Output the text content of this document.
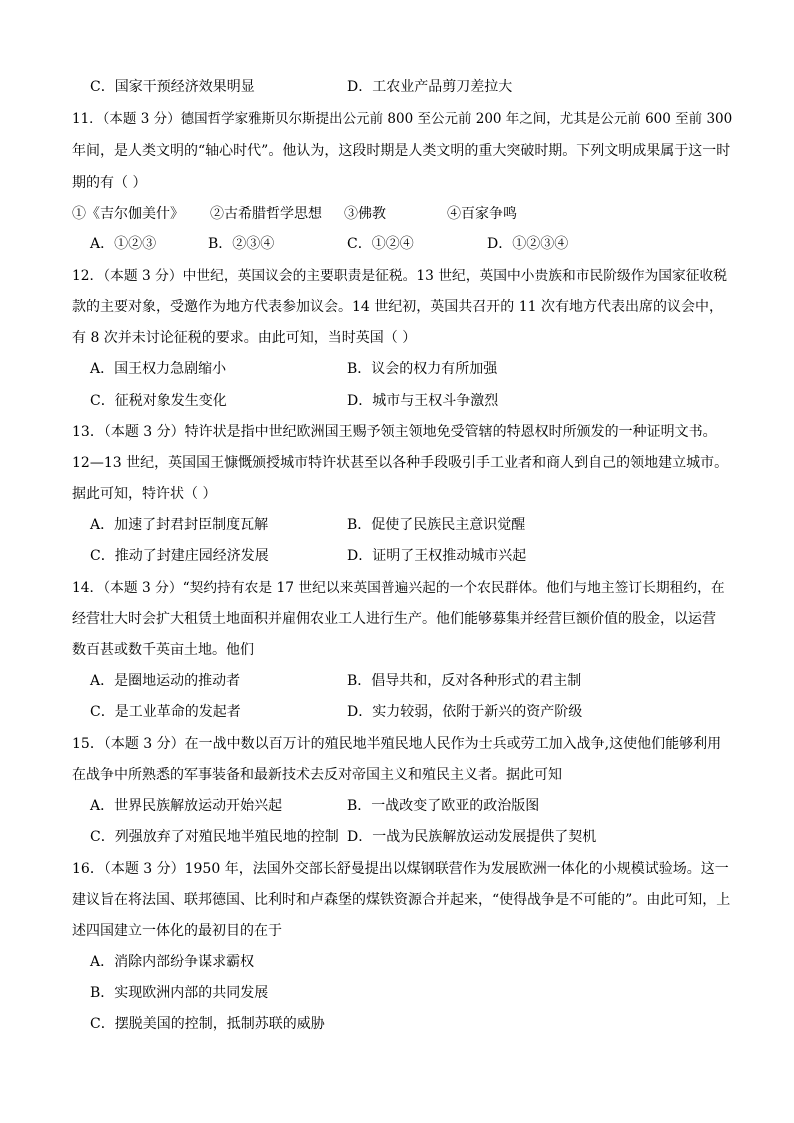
C．国家干预经济效果明显	D．工农业产品剪刀差拉大
11．（本题 3 分）德国哲学家雅斯贝尔斯提出公元前 800 至公元前 200 年之间，尤其是公元前 600 至前 300
年间，是人类文明的“轴心时代”。他认为，这段时期是人类文明的重大突破时期。下列文明成果属于这一时
期的有（ ）
①《吉尔伽美什》 ②古希腊哲学思想 ③佛教	④百家争鸣
A．①②③	B．②③④	C．①②④	D．①②③④
12．（本题 3 分）中世纪，英国议会的主要职责是征税。13 世纪，英国中小贵族和市民阶级作为国家征收税
款的主要对象，受邀作为地方代表参加议会。14 世纪初，英国共召开的 11 次有地方代表出席的议会中，
有 8 次并未讨论征税的要求。由此可知，当时英国（ ）
A．国王权力急剧缩小	B．议会的权力有所加强
C．征税对象发生变化	D．城市与王权斗争激烈
13．（本题 3 分）特许状是指中世纪欧洲国王赐予领主领地免受管辖的特恩权时所颁发的一种证明文书。
12—13 世纪，英国国王慷慨颁授城市特许状甚至以各种手段吸引手工业者和商人到自己的领地建立城市。
据此可知，特许状（ ）
A．加速了封君封臣制度瓦解	B．促使了民族民主意识觉醒
C．推动了封建庄园经济发展	D．证明了王权推动城市兴起
14．（本题 3 分）“契约持有农是 17 世纪以来英国普遍兴起的一个农民群体。他们与地主签订长期租约，在
经营壮大时会扩大租赁土地面积并雇佣农业工人进行生产。他们能够募集并经营巨额价值的股金，以运营
数百甚或数千英亩土地。他们
A．是圈地运动的推动者	B．倡导共和，反对各种形式的君主制
C．是工业革命的发起者	D．实力较弱，依附于新兴的资产阶级
15．（本题 3 分）在一战中数以百万计的殖民地半殖民地人民作为士兵或劳工加入战争,这使他们能够利用
在战争中所熟悉的军事装备和最新技术去反对帝国主义和殖民主义者。据此可知
A．世界民族解放运动开始兴起	B．一战改变了欧亚的政治版图
C．列强放弃了对殖民地半殖民地的控制 D．一战为民族解放运动发展提供了契机
16．（本题 3 分）1950 年，法国外交部长舒曼提出以煤钢联营作为发展欧洲一体化的小规模试验场。这一
建议旨在将法国、联邦德国、比利时和卢森堡的煤铁资源合并起来，“使得战争是不可能的”。由此可知，上
述四国建立一体化的最初目的在于
A．消除内部纷争谋求霸权
B．实现欧洲内部的共同发展
C．摆脱美国的控制，抵制苏联的威胁
